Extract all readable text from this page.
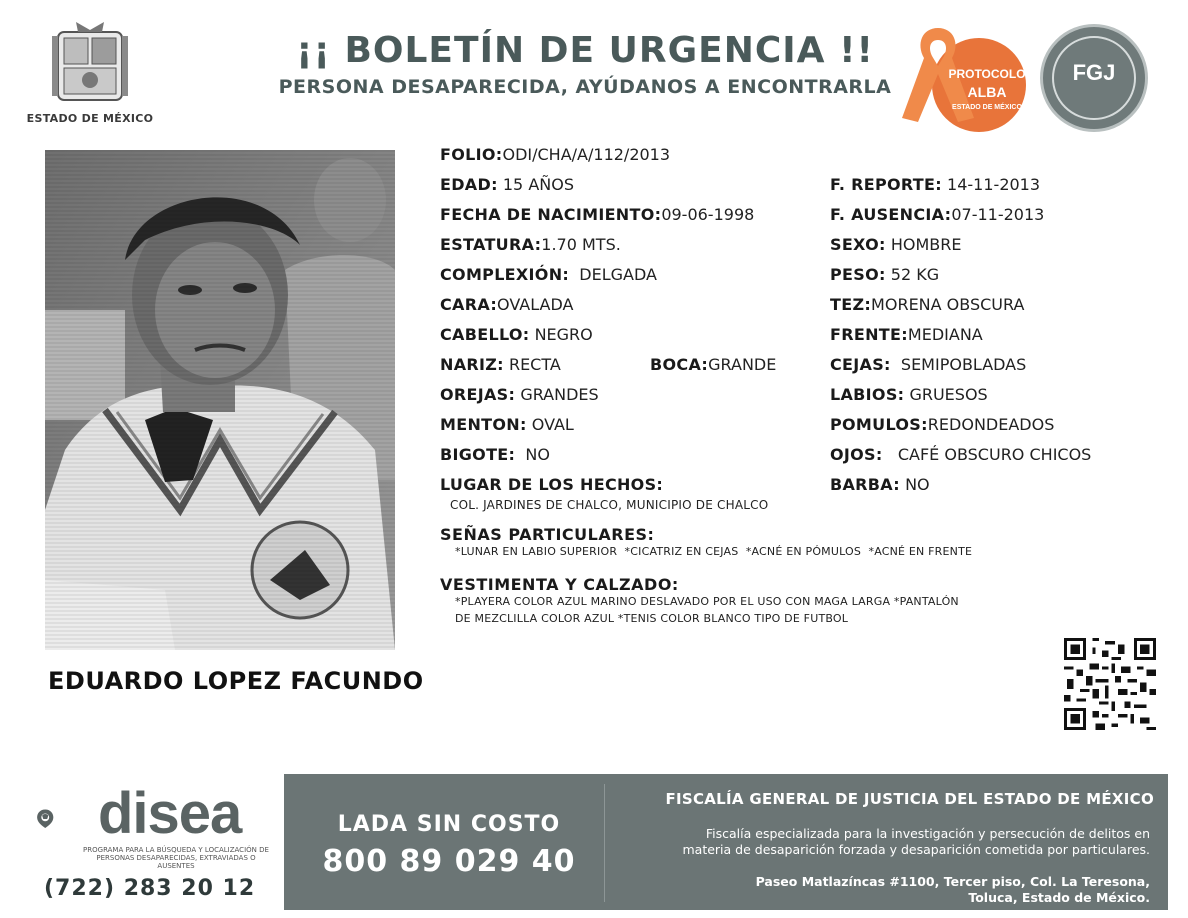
ESTADO DE MÉXICO
¡¡ BOLETÍN DE URGENCIA !!
PERSONA DESAPARECIDA, AYÚDANOS A ENCONTRARLA
PROTOCOLO
ALBA
ESTADO DE MÉXICO
FGJ
EDUARDO LOPEZ FACUNDO
FOLIO:ODI/CHA/A/112/2013
EDAD: 15 AÑOS	F. REPORTE: 14-11-2013
FECHA DE NACIMIENTO:09-06-1998	F. AUSENCIA:07-11-2013
ESTATURA:1.70 MTS.	SEXO: HOMBRE
COMPLEXIÓN: DELGADA	PESO: 52 KG
CARA:OVALADA	TEZ:MORENA OBSCURA
CABELLO: NEGRO	FRENTE:MEDIANA
NARIZ: RECTA	BOCA:GRANDE	CEJAS: SEMIPOBLADAS
OREJAS: GRANDES	LABIOS: GRUESOS
MENTON: OVAL	POMULOS:REDONDEADOS
BIGOTE: NO	OJOS: CAFÉ OBSCURO CHICOS
LUGAR DE LOS HECHOS:	BARBA: NO
COL. JARDINES DE CHALCO, MUNICIPIO DE CHALCO
SEÑAS PARTICULARES:
*LUNAR EN LABIO SUPERIOR  *CICATRIZ EN CEJAS  *ACNÉ EN PÓMULOS  *ACNÉ EN FRENTE
VESTIMENTA Y CALZADO:
*PLAYERA COLOR AZUL MARINO DESLAVADO POR EL USO CON MAGA LARGA *PANTALÓN
DE MEZCLILLA COLOR AZUL *TENIS COLOR BLANCO TIPO DE FUTBOL
disea
PROGRAMA PARA LA BÚSQUEDA Y LOCALIZACIÓN DE PERSONAS DESAPARECIDAS, EXTRAVIADAS O AUSENTES
(722) 283 20 12
LADA SIN COSTO
800 89 029 40
FISCALÍA GENERAL DE JUSTICIA DEL ESTADO DE MÉXICO
Fiscalía especializada para la investigación y persecución de delitos en
materia de desaparición forzada y desaparición cometida por particulares.
Paseo Matlazíncas #1100, Tercer piso, Col. La Teresona,
Toluca, Estado de México.
